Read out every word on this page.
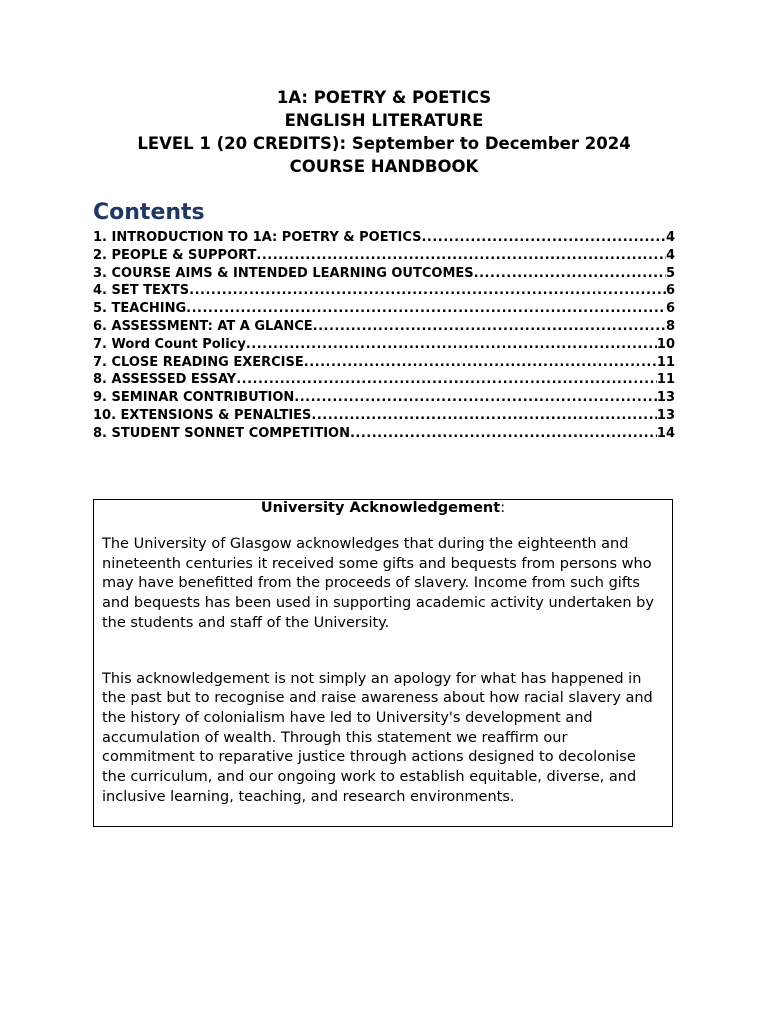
1A: POETRY & POETICS
ENGLISH LITERATURE
LEVEL 1 (20 CREDITS): September to December 2024
COURSE HANDBOOK
Contents
1. INTRODUCTION TO 1A: POETRY & POETICS .....	4
2. PEOPLE & SUPPORT .....	4
3. COURSE AIMS & INTENDED LEARNING OUTCOMES .....	5
4. SET TEXTS .....	6
5. TEACHING .....	6
6. ASSESSMENT: AT A GLANCE .....	8
7. Word Count Policy .....	10
7. CLOSE READING EXERCISE .....	11
8. ASSESSED ESSAY .....	11
9. SEMINAR CONTRIBUTION .....	13
10. EXTENSIONS & PENALTIES .....	13
8. STUDENT SONNET COMPETITION .....	14

University Acknowledgement:

The University of Glasgow acknowledges that during the eighteenth and nineteenth centuries it received some gifts and bequests from persons who may have benefitted from the proceeds of slavery. Income from such gifts and bequests has been used in supporting academic activity undertaken by the students and staff of the University.

This acknowledgement is not simply an apology for what has happened in the past but to recognise and raise awareness about how racial slavery and the history of colonialism have led to University's development and accumulation of wealth. Through this statement we reaffirm our commitment to reparative justice through actions designed to decolonise the curriculum, and our ongoing work to establish equitable, diverse, and inclusive learning, teaching, and research environments.
